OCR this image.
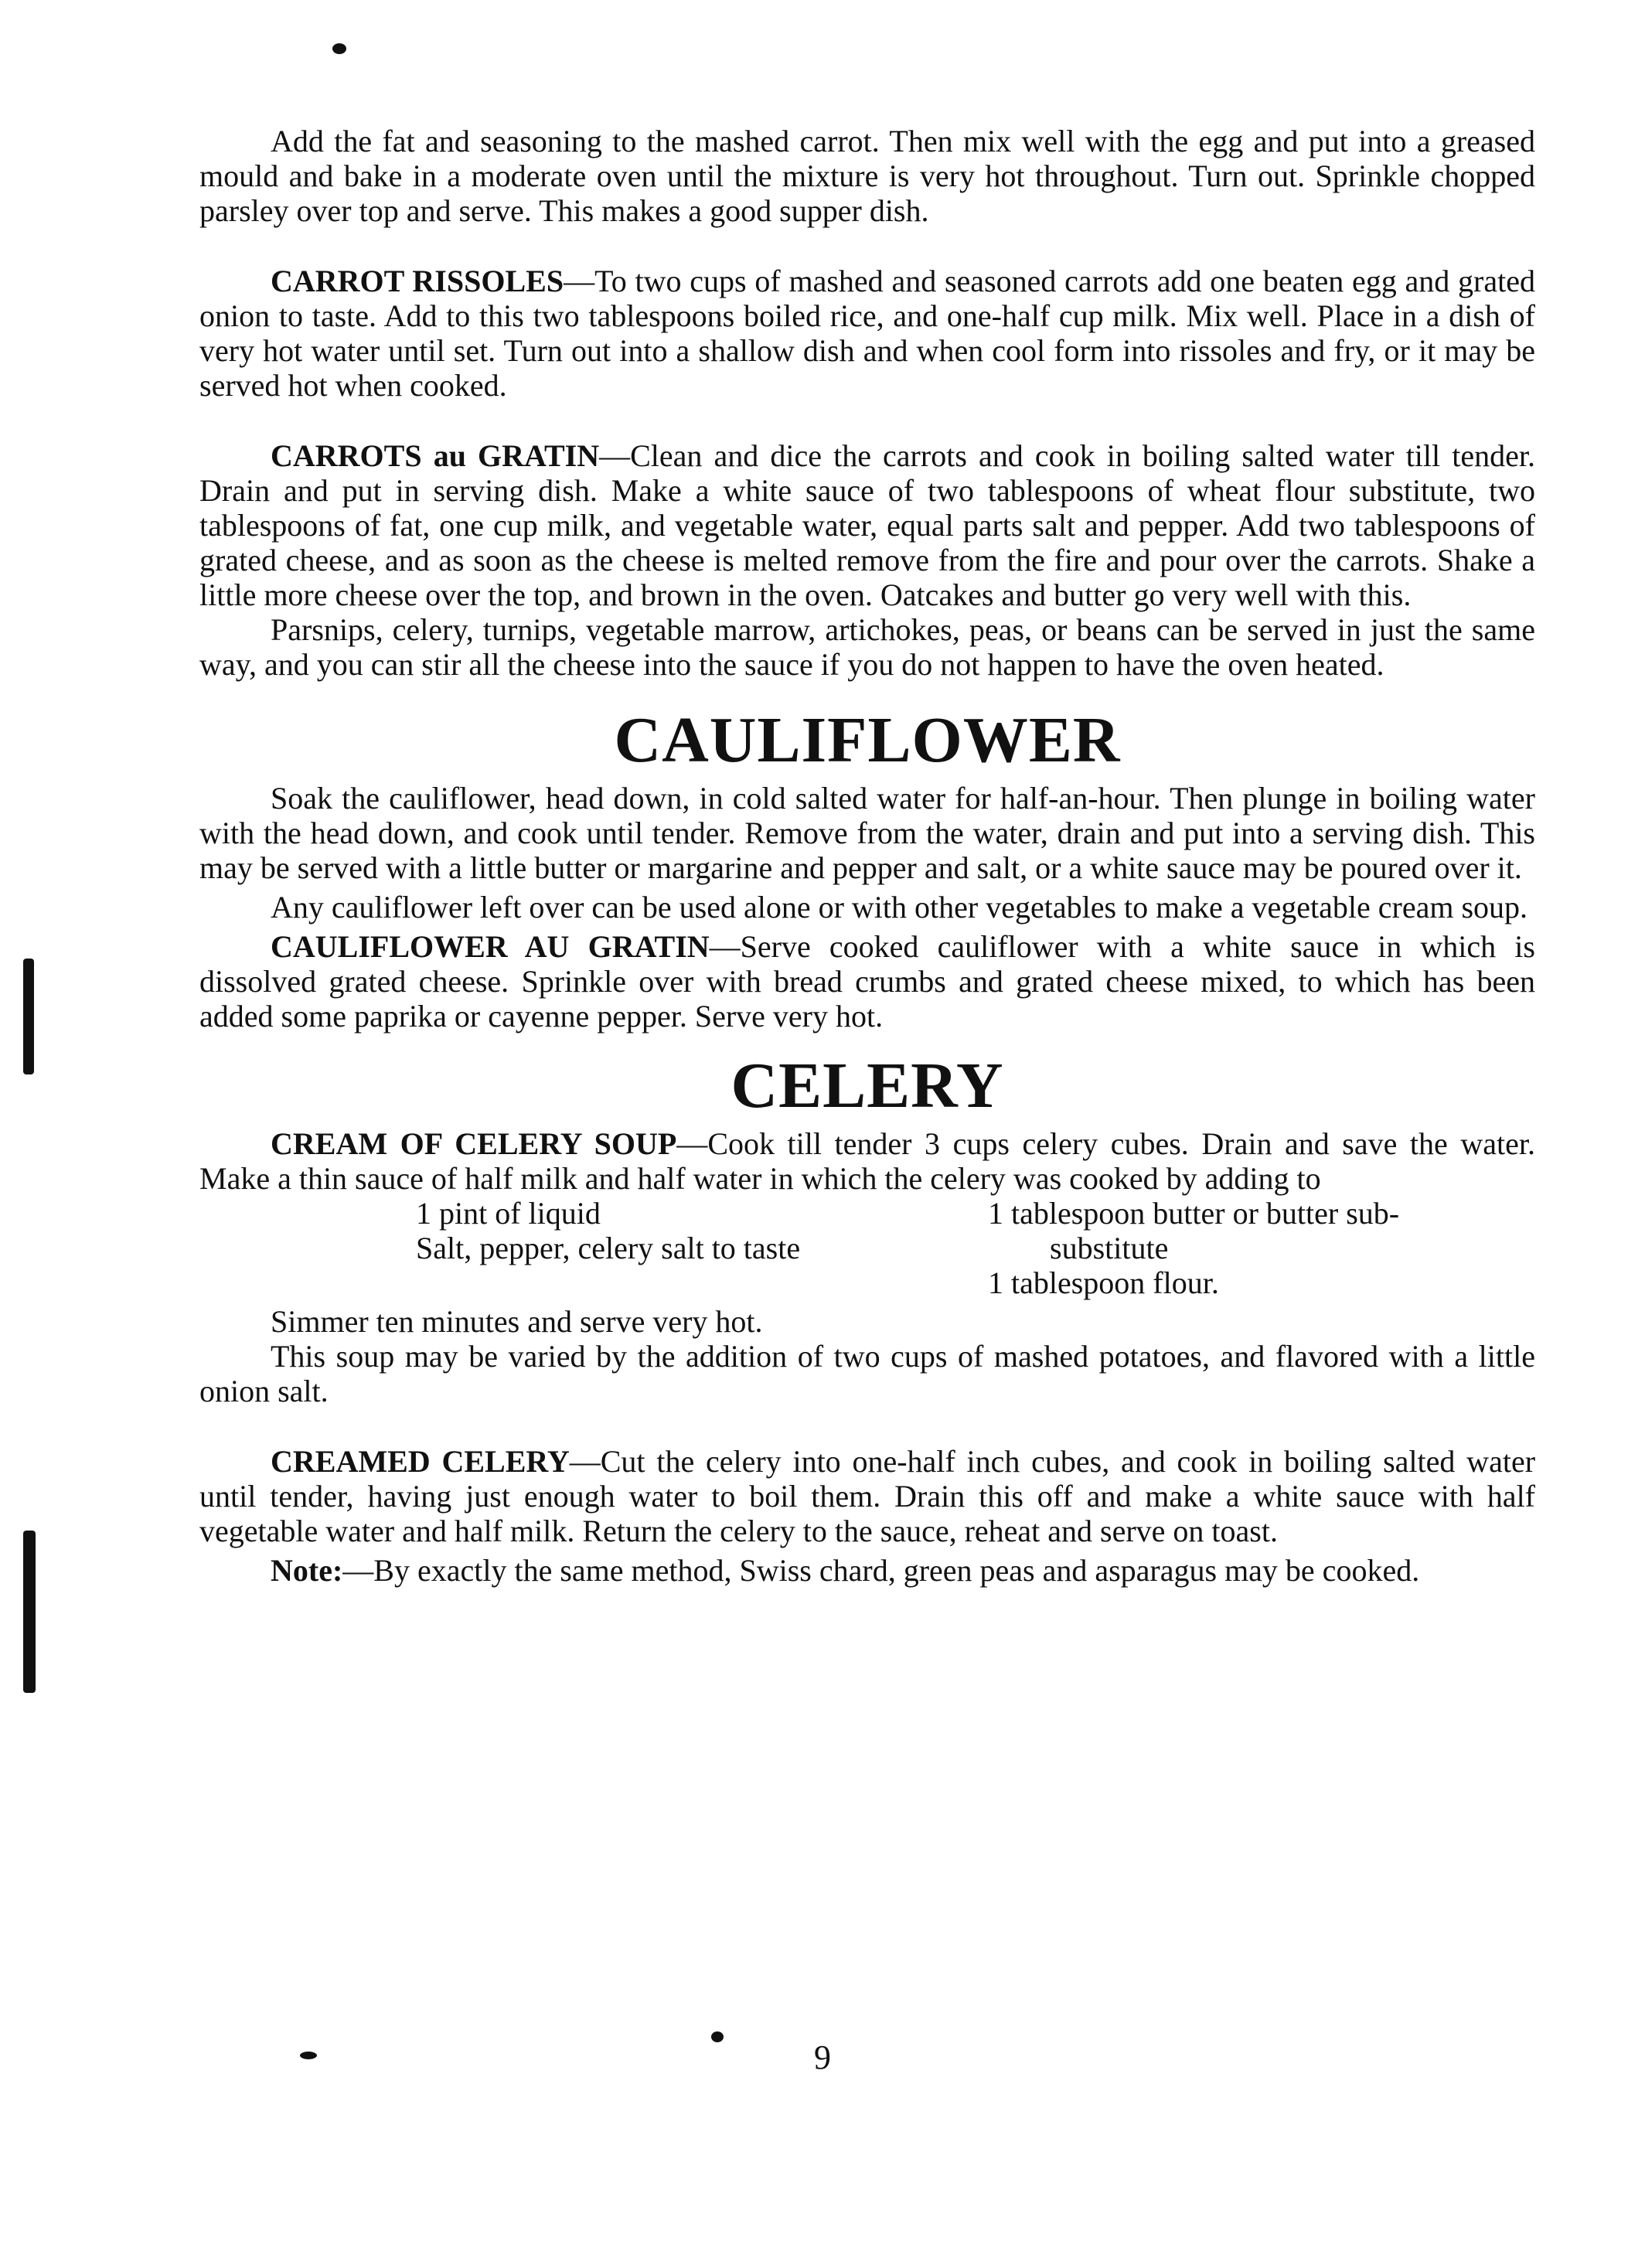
Add the fat and seasoning to the mashed carrot. Then mix well with the egg and put into a greased mould and bake in a moderate oven until the mixture is very hot throughout. Turn out. Sprinkle chopped parsley over top and serve. This makes a good supper dish.

CARROT RISSOLES—To two cups of mashed and seasoned carrots add one beaten egg and grated onion to taste. Add to this two tablespoons boiled rice, and one-half cup milk. Mix well. Place in a dish of very hot water until set. Turn out into a shallow dish and when cool form into rissoles and fry, or it may be served hot when cooked.

CARROTS au GRATIN—Clean and dice the carrots and cook in boiling salted water till tender. Drain and put in serving dish. Make a white sauce of two tablespoons of wheat flour substitute, two tablespoons of fat, one cup milk, and vegetable water, equal parts salt and pepper. Add two tablespoons of grated cheese, and as soon as the cheese is melted remove from the fire and pour over the carrots. Shake a little more cheese over the top, and brown in the oven. Oatcakes and butter go very well with this.

Parsnips, celery, turnips, vegetable marrow, artichokes, peas, or beans can be served in just the same way, and you can stir all the cheese into the sauce if you do not happen to have the oven heated.

CAULIFLOWER

Soak the cauliflower, head down, in cold salted water for half-an-hour. Then plunge in boiling water with the head down, and cook until tender. Remove from the water, drain and put into a serving dish. This may be served with a little butter or margarine and pepper and salt, or a white sauce may be poured over it.

Any cauliflower left over can be used alone or with other vegetables to make a vegetable cream soup.

CAULIFLOWER AU GRATIN—Serve cooked cauliflower with a white sauce in which is dissolved grated cheese. Sprinkle over with bread crumbs and grated cheese mixed, to which has been added some paprika or cayenne pepper. Serve very hot.

CELERY

CREAM OF CELERY SOUP—Cook till tender 3 cups celery cubes. Drain and save the water. Make a thin sauce of half milk and half water in which the celery was cooked by adding to

1 pint of liquid
Salt, pepper, celery salt to taste
1 tablespoon butter or butter sub-
substitute
1 tablespoon flour.

Simmer ten minutes and serve very hot.

This soup may be varied by the addition of two cups of mashed potatoes, and flavored with a little onion salt.

CREAMED CELERY—Cut the celery into one-half inch cubes, and cook in boiling salted water until tender, having just enough water to boil them. Drain this off and make a white sauce with half vegetable water and half milk. Return the celery to the sauce, reheat and serve on toast.

Note:—By exactly the same method, Swiss chard, green peas and asparagus may be cooked.

9
